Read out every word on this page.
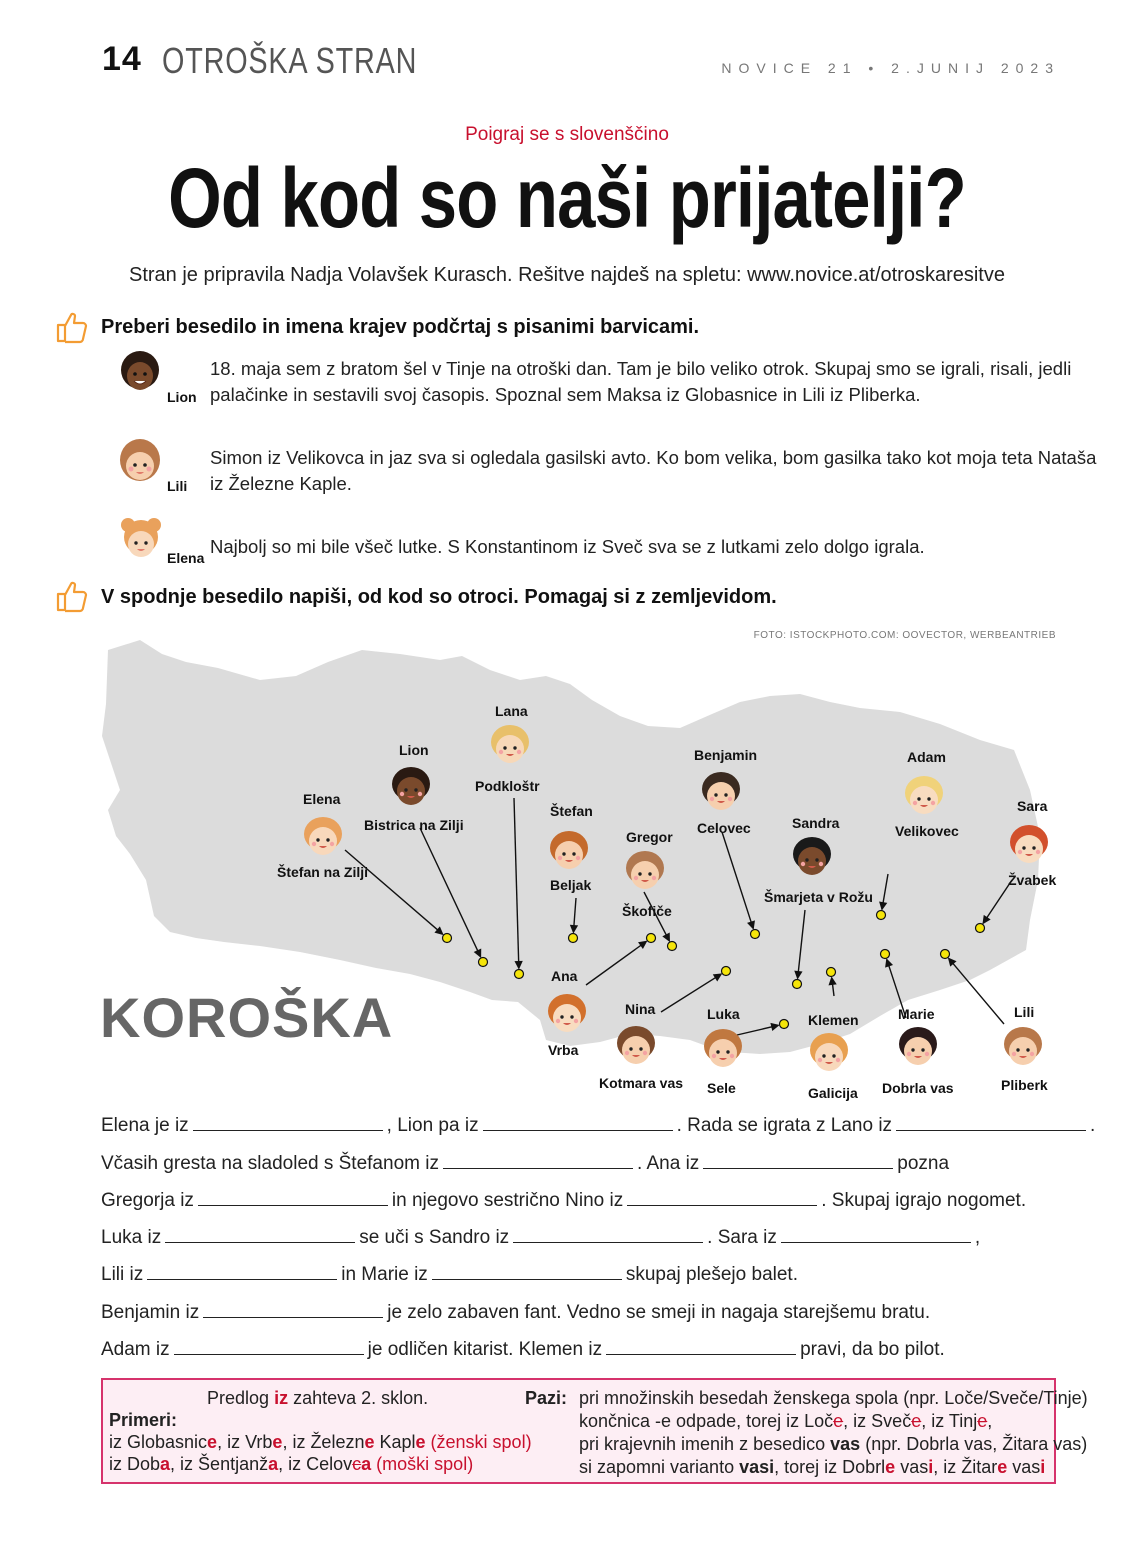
14 OTROŠKA STRAN	NOVICE 21 • 2.JUNIJ 2023
Poigraj se s slovenščino
Od kod so naši prijatelji?
Stran je pripravila Nadja Volavšek Kurasch. Rešitve najdeš na spletu: www.novice.at/otroskaresitve
Preberi besedilo in imena krajev podčrtaj s pisanimi barvicami.
Lion
18. maja sem z bratom šel v Tinje na otroški dan. Tam je bilo veliko otrok. Skupaj smo se igrali, risali, jedli
palačinke in sestavili svoj časopis. Spoznal sem Maksa iz Globasnice in Lili iz Pliberka.
Lili
Simon iz Velikovca in jaz sva si ogledala gasilski avto. Ko bom velika, bom gasilka tako kot moja teta Nataša
iz Železne Kaple.
Elena
Najbolj so mi bile všeč lutke. S Konstantinom iz Sveč sva se z lutkami zelo dolgo igrala.
V spodnje besedilo napiši, od kod so otroci. Pomagaj si z zemljevidom.
FOTO: ISTOCKPHOTO.COM: OOVECTOR, WERBEANTRIEB
KOROŠKA
Lana
Podkloštr
Lion
Bistrica na Zilji
Elena
Štefan na Zilji
Štefan
Beljak
Gregor
Škofiče
Benjamin
Celovec	Sandra
Šmarjeta v Rožu
Adam
Velikovec
Sara
Žvabek
Ana
Vrba
Nina
Kotmara vas
Luka
Sele
Klemen
Galicija
Marie
Dobrla vas
Lili
Pliberk
Elena je iz	, Lion pa iz	. Rada se igrata z Lano iz	.
Včasih gresta na sladoled s Štefanom iz	. Ana iz	pozna
Gregorja iz	in njegovo sestrično Nino iz	. Skupaj igrajo nogomet.
Luka iz	se uči s Sandro iz	. Sara iz	,
Lili iz	in Marie iz	skupaj plešejo balet.
Benjamin iz	je zelo zabaven fant. Vedno se smeji in nagaja starejšemu bratu.
Adam iz	je odličen kitarist. Klemen iz	pravi, da bo pilot.
Predlog iz zahteva 2. sklon.
Primeri:
iz Globasnice, iz Vrbe, iz Železne Kaple (ženski spol)
iz Doba, iz Šentjanža, iz Celovca (moški spol)
Pazi: pri množinskih besedah ženskega spola (npr. Loče/Sveče/Tinje)
končnica -e odpade, torej iz Loče, iz Sveče, iz Tinje,
pri krajevnih imenih z besedico vas (npr. Dobrla vas, Žitara vas)
si zapomni varianto vasi, torej iz Dobrle vasi, iz Žitare vasi
